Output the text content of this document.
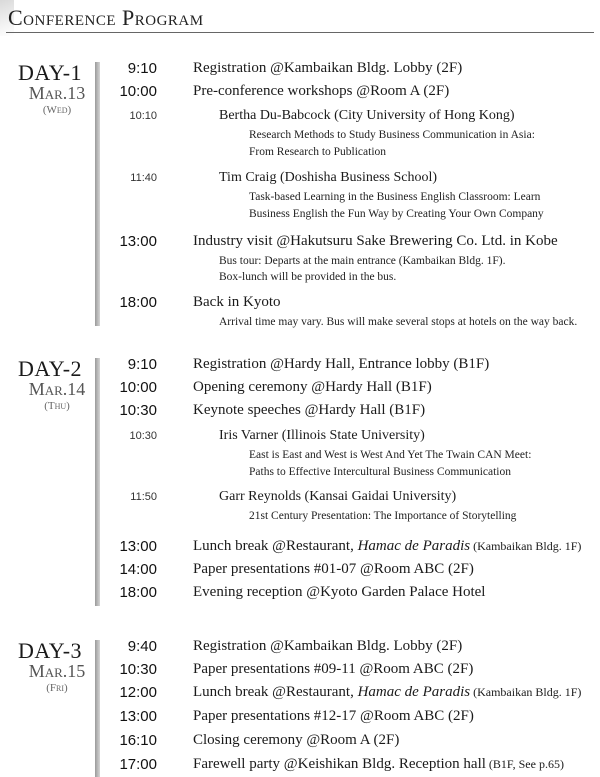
Conference Program
DAY-1
Mar.13
(Wed)
9:10 Registration @Kambaikan Bldg. Lobby (2F)
10:00 Pre-conference workshops @Room A (2F)
10:10	Bertha Du-Babcock (City University of Hong Kong)
Research Methods to Study Business Communication in Asia:
From Research to Publication
11:40	Tim Craig (Doshisha Business School)
Task-based Learning in the Business English Classroom: Learn
Business English the Fun Way by Creating Your Own Company
13:00 Industry visit @Hakutsuru Sake Brewering Co. Ltd. in Kobe
Bus tour: Departs at the main entrance (Kambaikan Bldg. 1F).
Box-lunch will be provided in the bus.
18:00 Back in Kyoto
Arrival time may vary. Bus will make several stops at hotels on the way back.
DAY-2
Mar.14
(Thu)
9:10 Registration @Hardy Hall, Entrance lobby (B1F)
10:00 Opening ceremony @Hardy Hall (B1F)
10:30 Keynote speeches @Hardy Hall (B1F)
10:30	Iris Varner (Illinois State University)
East is East and West is West And Yet The Twain CAN Meet:
Paths to Effective Intercultural Business Communication
11:50	Garr Reynolds (Kansai Gaidai University)
21st Century Presentation: The Importance of Storytelling
13:00 Lunch break @Restaurant, Hamac de Paradis (Kambaikan Bldg. 1F)
14:00 Paper presentations #01-07 @Room ABC (2F)
18:00 Evening reception @Kyoto Garden Palace Hotel
DAY-3
Mar.15
(Fri)
9:40 Registration @Kambaikan Bldg. Lobby (2F)
10:30 Paper presentations #09-11 @Room ABC (2F)
12:00 Lunch break @Restaurant, Hamac de Paradis (Kambaikan Bldg. 1F)
13:00 Paper presentations #12-17 @Room ABC (2F)
16:10 Closing ceremony @Room A (2F)
17:00 Farewell party @Keishikan Bldg. Reception hall (B1F, See p.65)
